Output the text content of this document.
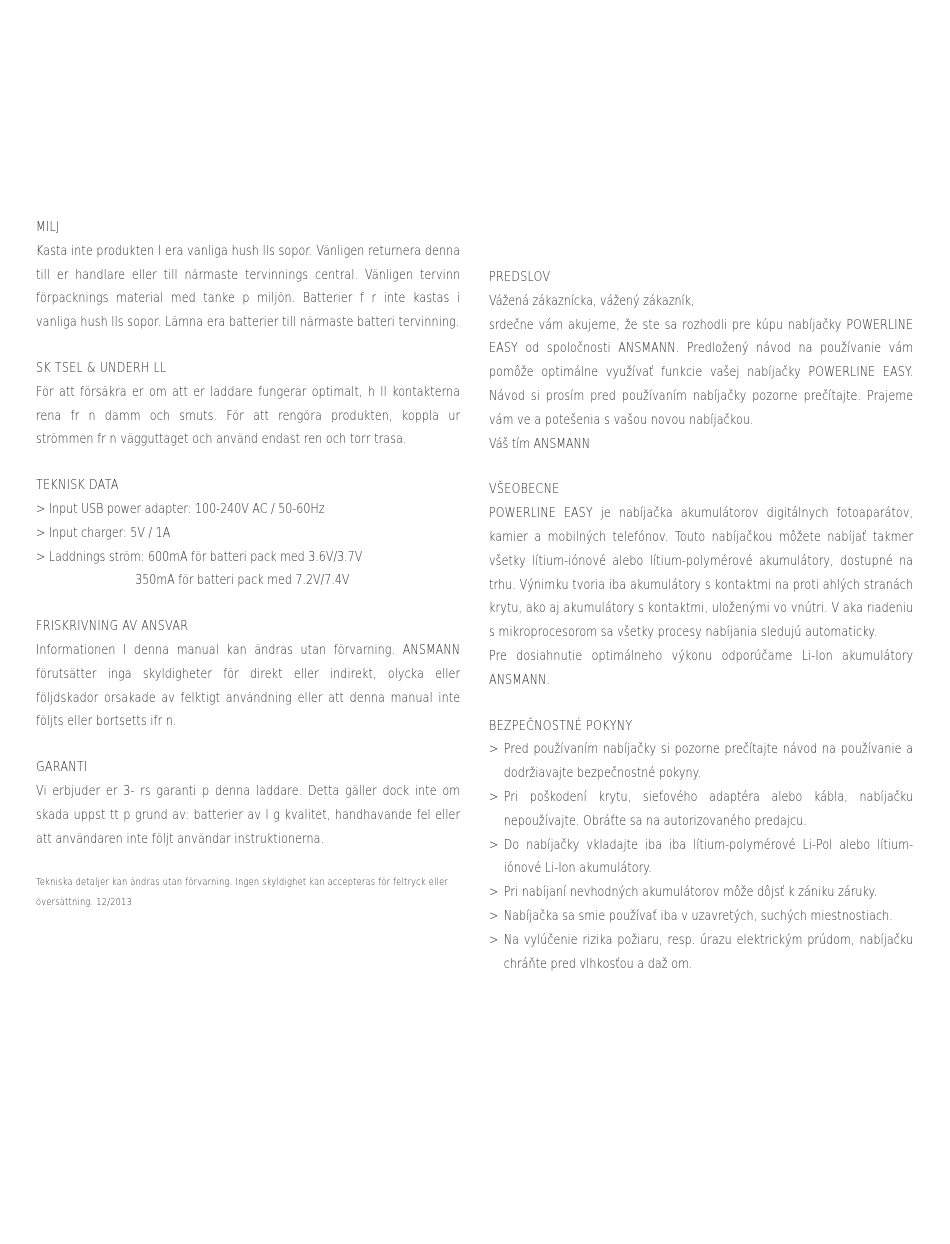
MILJ
Kasta inte produkten I era vanliga hush lls sopor. Vänligen returnera denna till er handlare eller till närmaste tervinnings central. Vänligen tervinn förpacknings material med tanke p miljön. Batterier f r inte kastas i vanliga hush lls sopor. Lämna era batterier till närmaste batteri tervinning.
SK TSEL & UNDERH LL
För att försäkra er om att er laddare fungerar optimalt, h ll kontakterna rena fr n damm och smuts. För att rengöra produkten, koppla ur strömmen fr n vägguttaget och använd endast ren och torr trasa.
TEKNISK DATA
> Input USB power adapter: 100-240V AC / 50-60Hz
> Input charger: 5V / 1A
> Laddnings ström: 600mA för batteri pack med 3.6V/3.7V
350mA för batteri pack med 7.2V/7.4V
FRISKRIVNING AV ANSVAR
Informationen I denna manual kan ändras utan förvarning. ANSMANN förutsätter inga skyldigheter för direkt eller indirekt, olycka eller följdskador orsakade av felktigt användning eller att denna manual inte följts eller bortsetts ifr n.
GARANTI
Vi erbjuder er 3- rs garanti p denna laddare. Detta gäller dock inte om skada uppst tt p grund av: batterier av l g kvalitet, handhavande fel eller att användaren inte följt användar instruktionerna.
Tekniska detaljer kan ändras utan förvarning. Ingen skyldighet kan accepteras för feltryck eller översättning. 12/2013
PREDSLOV
Vážená zákaznícka, vážený zákazník,
srdečne vám akujeme, že ste sa rozhodli pre kúpu nabíjačky POWERLINE EASY od spoločnosti ANSMANN. Predložený návod na používanie vám pomôže optimálne využívať funkcie vašej nabíjačky POWERLINE EASY. Návod si prosím pred používaním nabíjačky pozorne prečítajte. Prajeme vám ve a potešenia s vašou novou nabíjačkou.
Váš tím ANSMANN
VŠEOBECNE
POWERLINE EASY je nabíjačka akumulátorov digitálnych fotoaparátov, kamier a mobilných telefónov. Touto nabíjačkou môžete nabíjať takmer všetky lítium-iónové alebo lítium-polymérové akumulátory, dostupné na trhu. Výnimku tvoria iba akumulátory s kontaktmi na proti ahlých stranách krytu, ako aj akumulátory s kontaktmi, uloženými vo vnútri. V aka riadeniu s mikroprocesorom sa všetky procesy nabíjania sledujú automaticky.
Pre dosiahnutie optimálneho výkonu odporúčame Li-Ion akumulátory ANSMANN.
BEZPEČNOSTNÉ POKYNY
> Pred používaním nabíjačky si pozorne prečítajte návod na používanie a dodržiavajte bezpečnostné pokyny.
> Pri poškodení krytu, sieťového adaptéra alebo kábla, nabíjačku nepoužívajte. Obráťte sa na autorizovaného predajcu.
> Do nabíjačky vkladajte iba iba lítium-polymérové Li-Pol alebo lítium-iónové Li-Ion akumulátory.
> Pri nabíjaní nevhodných akumulátorov môže dôjsť k zániku záruky.
> Nabíjačka sa smie používať iba v uzavretých, suchých miestnostiach.
> Na vylúčenie rizika požiaru, resp. úrazu elektrickým prúdom, nabíjačku chráňte pred vlhkosťou a daž om.
